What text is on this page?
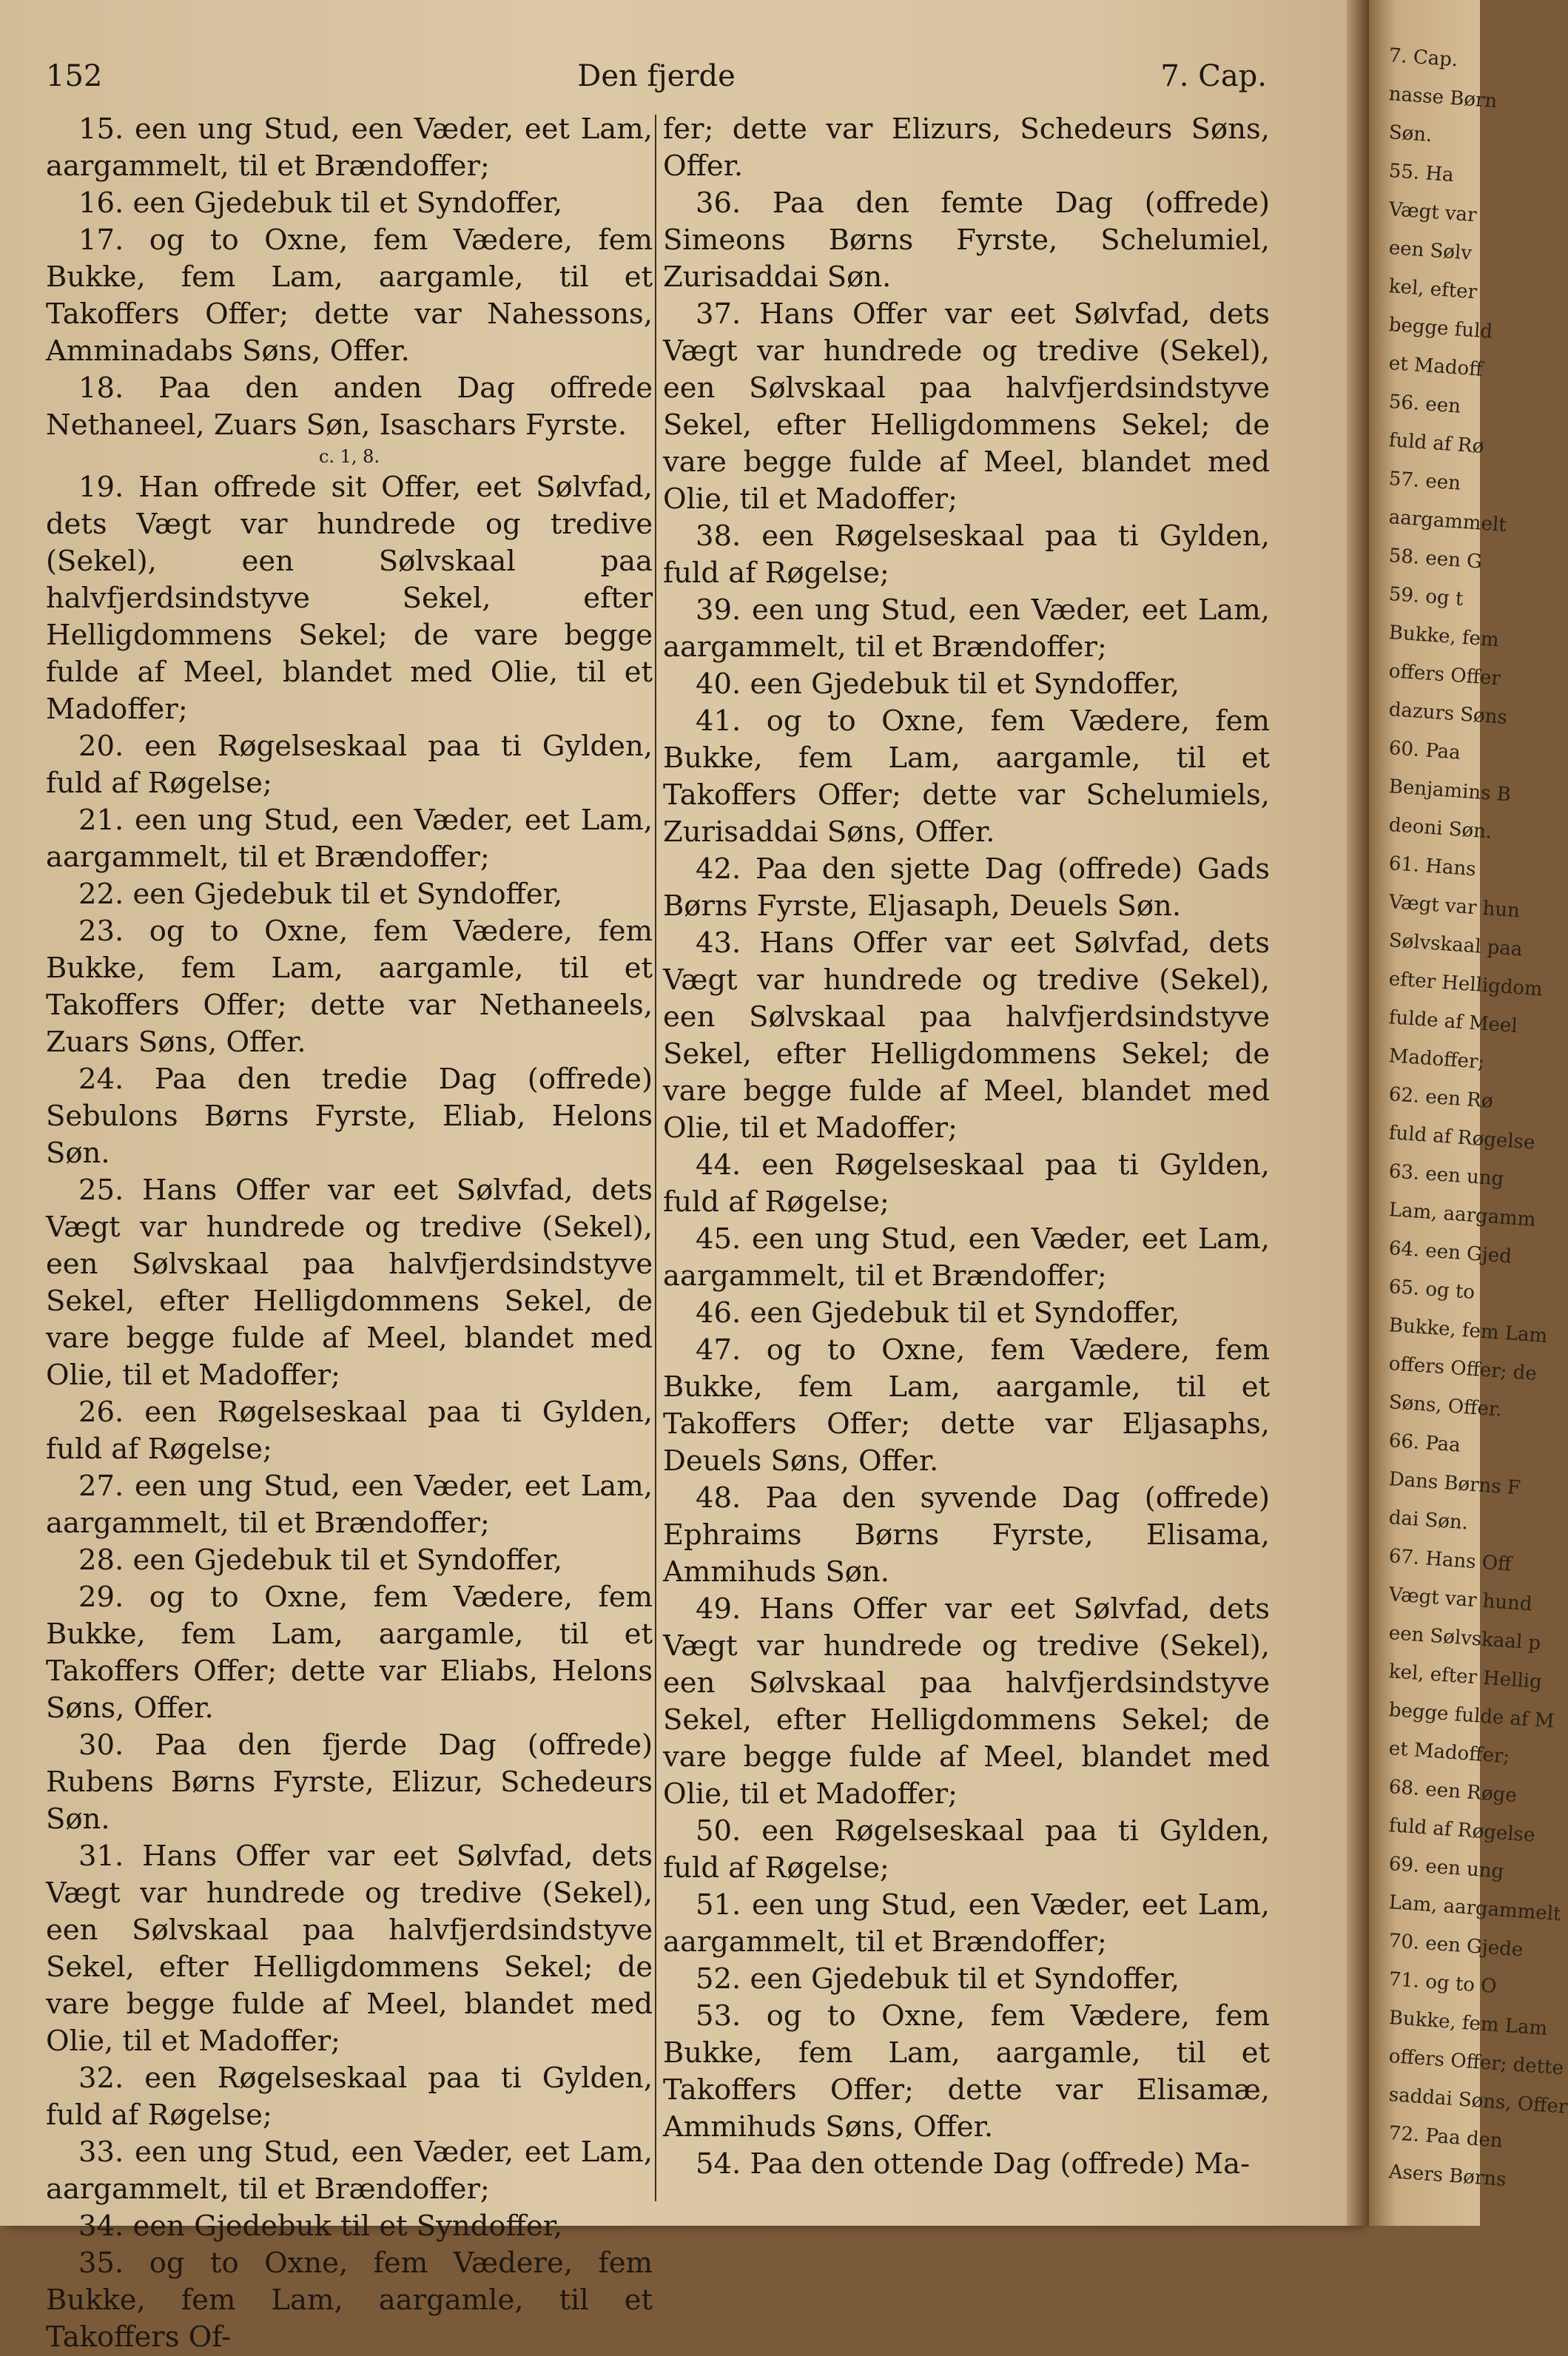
152	Den fjerde	7. Cap.

15. een ung Stud, een Væder, eet Lam, aargammelt, til et Brændoffer;

16. een Gjedebuk til et Syndoffer,

17. og to Oxne, fem Vædere, fem Bukke, fem Lam, aargamle, til et Takoffers Offer; dette var Nahessons, Amminadabs Søns, Offer.

18. Paa den anden Dag offrede Nethaneel, Zuars Søn, Isaschars Fyrste.

c. 1, 8.

19. Han offrede sit Offer, eet Sølvfad, dets Vægt var hundrede og tredive (Sekel), een Sølvskaal paa halvfjerdsindstyve Sekel, efter Helligdommens Sekel; de vare begge fulde af Meel, blandet med Olie, til et Madoffer;

20. een Røgelseskaal paa ti Gylden, fuld af Røgelse;

21. een ung Stud, een Væder, eet Lam, aargammelt, til et Brændoffer;

22. een Gjedebuk til et Syndoffer,

23. og to Oxne, fem Vædere, fem Bukke, fem Lam, aargamle, til et Takoffers Offer; dette var Nethaneels, Zuars Søns, Offer.

24. Paa den tredie Dag (offrede) Sebulons Børns Fyrste, Eliab, Helons Søn.

25. Hans Offer var eet Sølvfad, dets Vægt var hundrede og tredive (Sekel), een Sølvskaal paa halvfjerdsindstyve Sekel, efter Helligdommens Sekel, de vare begge fulde af Meel, blandet med Olie, til et Madoffer;

26. een Røgelseskaal paa ti Gylden, fuld af Røgelse;

27. een ung Stud, een Væder, eet Lam, aargammelt, til et Brændoffer;

28. een Gjedebuk til et Syndoffer,

29. og to Oxne, fem Vædere, fem Bukke, fem Lam, aargamle, til et Takoffers Offer; dette var Eliabs, Helons Søns, Offer.

30. Paa den fjerde Dag (offrede) Rubens Børns Fyrste, Elizur, Schedeurs Søn.

31. Hans Offer var eet Sølvfad, dets Vægt var hundrede og tredive (Sekel), een Sølvskaal paa halvfjerdsindstyve Sekel, efter Helligdommens Sekel; de vare begge fulde af Meel, blandet med Olie, til et Madoffer;

32. een Røgelseskaal paa ti Gylden, fuld af Røgelse;

33. een ung Stud, een Væder, eet Lam, aargammelt, til et Brændoffer;

34. een Gjedebuk til et Syndoffer,

35. og to Oxne, fem Vædere, fem Bukke, fem Lam, aargamle, til et Takoffers Of-

fer; dette var Elizurs, Schedeurs Søns, Offer.

36. Paa den femte Dag (offrede) Simeons Børns Fyrste, Schelumiel, Zurisaddai Søn.

37. Hans Offer var eet Sølvfad, dets Vægt var hundrede og tredive (Sekel), een Sølvskaal paa halvfjerdsindstyve Sekel, efter Helligdommens Sekel; de vare begge fulde af Meel, blandet med Olie, til et Madoffer;

38. een Røgelseskaal paa ti Gylden, fuld af Røgelse;

39. een ung Stud, een Væder, eet Lam, aargammelt, til et Brændoffer;

40. een Gjedebuk til et Syndoffer,

41. og to Oxne, fem Vædere, fem Bukke, fem Lam, aargamle, til et Takoffers Offer; dette var Schelumiels, Zurisaddai Søns, Offer.

42. Paa den sjette Dag (offrede) Gads Børns Fyrste, Eljasaph, Deuels Søn.

43. Hans Offer var eet Sølvfad, dets Vægt var hundrede og tredive (Sekel), een Sølvskaal paa halvfjerdsindstyve Sekel, efter Helligdommens Sekel; de vare begge fulde af Meel, blandet med Olie, til et Madoffer;

44. een Røgelseskaal paa ti Gylden, fuld af Røgelse;

45. een ung Stud, een Væder, eet Lam, aargammelt, til et Brændoffer;

46. een Gjedebuk til et Syndoffer,

47. og to Oxne, fem Vædere, fem Bukke, fem Lam, aargamle, til et Takoffers Offer; dette var Eljasaphs, Deuels Søns, Offer.

48. Paa den syvende Dag (offrede) Ephraims Børns Fyrste, Elisama, Ammihuds Søn.

49. Hans Offer var eet Sølvfad, dets Vægt var hundrede og tredive (Sekel), een Sølvskaal paa halvfjerdsindstyve Sekel, efter Helligdommens Sekel; de vare begge fulde af Meel, blandet med Olie, til et Madoffer;

50. een Røgelseskaal paa ti Gylden, fuld af Røgelse;

51. een ung Stud, een Væder, eet Lam, aargammelt, til et Brændoffer;

52. een Gjedebuk til et Syndoffer,

53. og to Oxne, fem Vædere, fem Bukke, fem Lam, aargamle, til et Takoffers Offer; dette var Elisamæ, Ammihuds Søns, Offer.

54. Paa den ottende Dag (offrede) Ma-

7. Cap.
nasse Børn
Søn.
55. Ha
Vægt var
een Sølv
kel, efter
begge fuld
et Madoff
56. een
fuld af Rø
57. een
aargammelt
58. een G
59. og t
Bukke, fem
offers Offer
dazurs Søns
60. Paa
Benjamins B
deoni Søn.
61. Hans
Vægt var hun
Sølvskaal paa
efter Helligdom
fulde af Meel
Madoffer;
62. een Rø
fuld af Røgelse
63. een ung
Lam, aargamm
64. een Gjed
65. og to
Bukke, fem Lam
offers Offer; de
Søns, Offer.
66. Paa
Dans Børns F
dai Søn.
67. Hans Off
Vægt var hund
een Sølvskaal p
kel, efter Hellig
begge fulde af M
et Madoffer;
68. een Røge
fuld af Røgelse
69. een ung
Lam, aargammelt
70. een Gjede
71. og to O
Bukke, fem Lam
offers Offer; dette
saddai Søns, Offer
72. Paa den
Asers Børns
